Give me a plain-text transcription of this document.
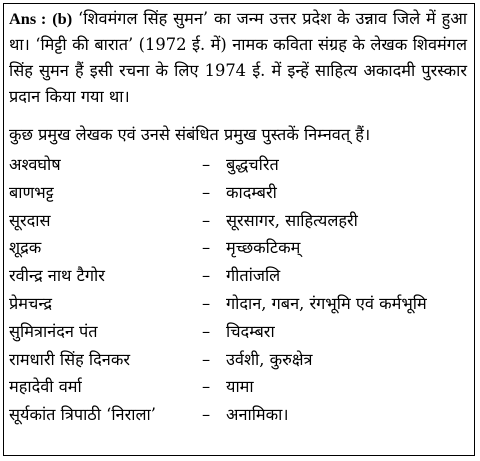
Ans : (b) ‘शिवमंगल सिंह सुमन’ का जन्म उत्तर प्रदेश के उन्नाव जिले में हुआ था। ‘मिट्टी की बारात’ (1972 ई. में) नामक कविता संग्रह के लेखक शिवमंगल सिंह सुमन हैं इसी रचना के लिए 1974 ई. में इन्हें साहित्य अकादमी पुरस्कार प्रदान किया गया था।
कुछ प्रमुख लेखक एवं उनसे संबंधित प्रमुख पुस्तकें निम्नवत् हैं।
अश्वघोष	– बुद्धचरित
बाणभट्ट	– कादम्बरी
सूरदास	– सूरसागर, साहित्यलहरी
शूद्रक	– मृच्छकटिकम्
रवीन्द्र नाथ टैगोर	– गीतांजलि
प्रेमचन्द्र	– गोदान, गबन, रंगभूमि एवं कर्मभूमि
सुमित्रानंदन पंत	– चिदम्बरा
रामधारी सिंह दिनकर	– उर्वशी, कुरुक्षेत्र
महादेवी वर्मा	– यामा
सूर्यकांत त्रिपाठी ‘निराला’	– अनामिका।
